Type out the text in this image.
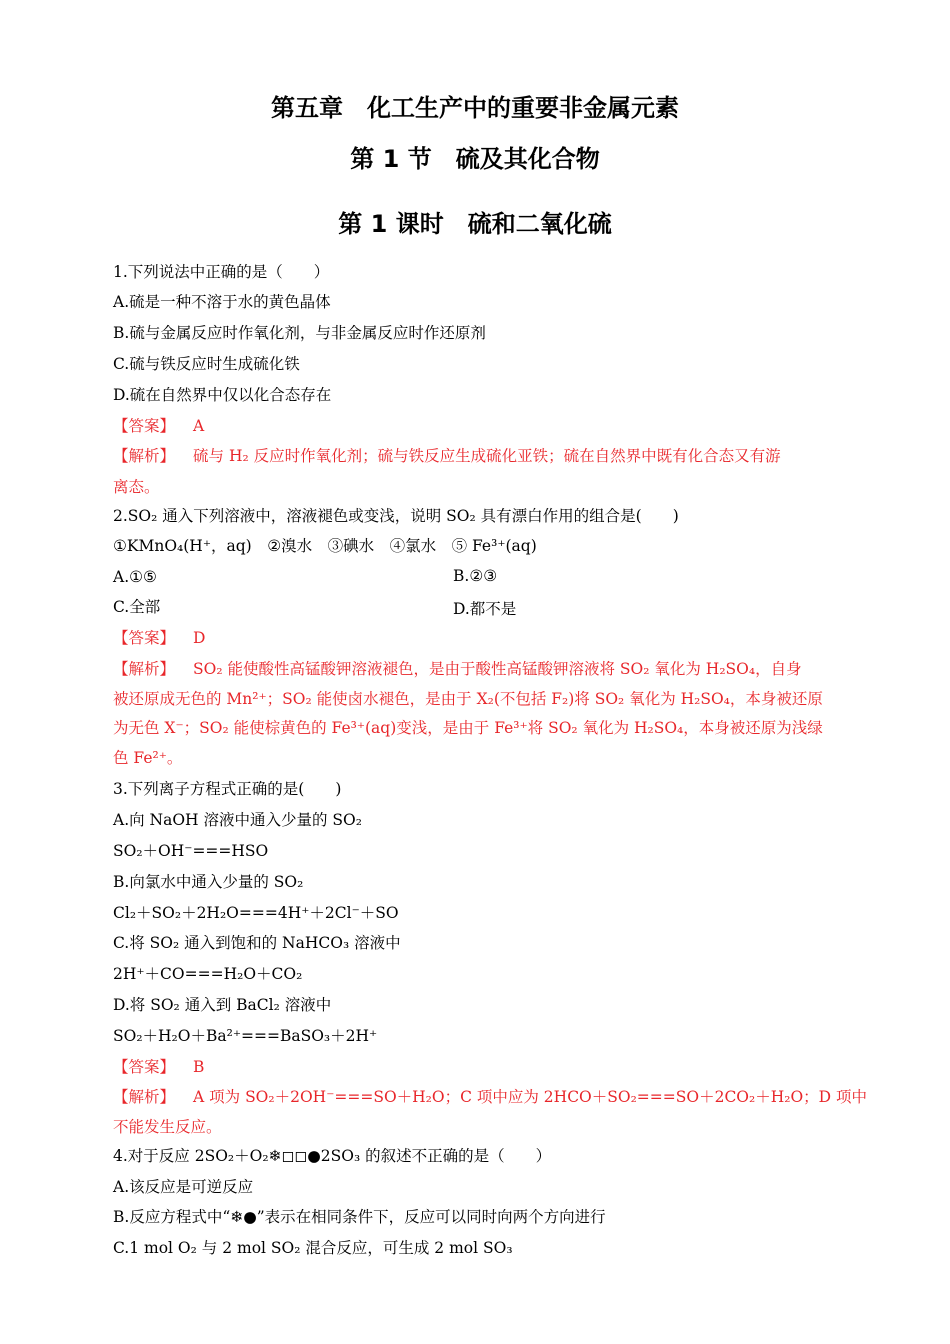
第五章　化工生产中的重要非金属元素
第 1 节　硫及其化合物
第 1 课时　硫和二氧化硫
1.下列说法中正确的是（　　）
A.硫是一种不溶于水的黄色晶体
B.硫与金属反应时作氧化剂，与非金属反应时作还原剂
C.硫与铁反应时生成硫化铁
D.硫在自然界中仅以化合态存在
【答案】 A
【解析】 硫与 H₂ 反应时作氧化剂；硫与铁反应生成硫化亚铁；硫在自然界中既有化合态又有游
离态。
2.SO₂ 通入下列溶液中，溶液褪色或变浅，说明 SO₂ 具有漂白作用的组合是(　　)
①KMnO₄(H⁺，aq)　②溴水　③碘水　④氯水　⑤ Fe³⁺(aq)
A.①⑤	B.②③
C.全部	D.都不是
【答案】 D
【解析】 SO₂ 能使酸性高锰酸钾溶液褪色，是由于酸性高锰酸钾溶液将 SO₂ 氧化为 H₂SO₄，自身
被还原成无色的 Mn²⁺；SO₂ 能使卤水褪色，是由于 X₂(不包括 F₂)将 SO₂ 氧化为 H₂SO₄，本身被还原
为无色 X⁻；SO₂ 能使棕黄色的 Fe³⁺(aq)变浅，是由于 Fe³⁺将 SO₂ 氧化为 H₂SO₄，本身被还原为浅绿
色 Fe²⁺。
3.下列离子方程式正确的是(　　)
A.向 NaOH 溶液中通入少量的 SO₂
SO₂＋OH⁻===HSO
B.向氯水中通入少量的 SO₂
Cl₂＋SO₂＋2H₂O===4H⁺＋2Cl⁻＋SO
C.将 SO₂ 通入到饱和的 NaHCO₃ 溶液中
2H⁺＋CO===H₂O＋CO₂
D.将 SO₂ 通入到 BaCl₂ 溶液中
SO₂＋H₂O＋Ba²⁺===BaSO₃＋2H⁺
【答案】 B
【解析】 A 项为 SO₂＋2OH⁻===SO＋H₂O；C 项中应为 2HCO＋SO₂===SO＋2CO₂＋H₂O；D 项中
不能发生反应。
4.对于反应 2SO₂＋O₂❄◻◻●2SO₃ 的叙述不正确的是（　　）
A.该反应是可逆反应
B.反应方程式中“❄●”表示在相同条件下，反应可以同时向两个方向进行
C.1 mol O₂ 与 2 mol SO₂ 混合反应，可生成 2 mol SO₃
